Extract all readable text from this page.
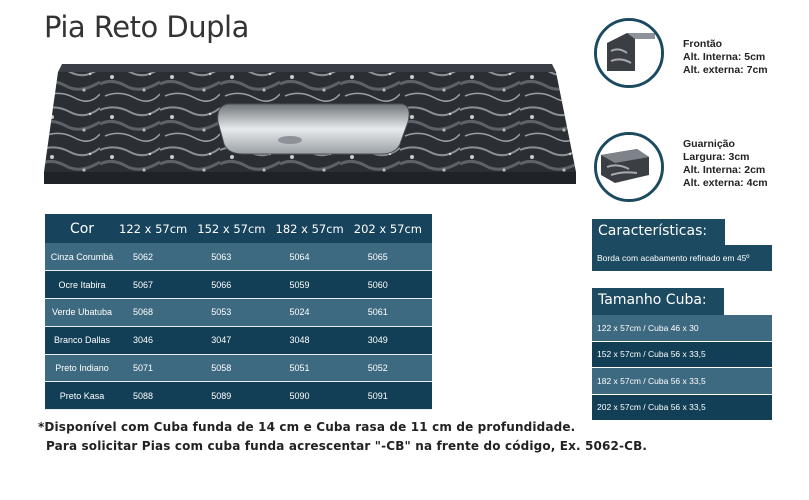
Pia Reto Dupla
Cor	122 x 57cm	152 x 57cm	182 x 57cm	202 x 57cm
Cinza Corumbá	5062	5063	5064	5065
Ocre Itabira	5067	5066	5059	5060
Verde Ubatuba	5068	5053	5024	5061
Branco Dallas	3046	3047	3048	3049
Preto Indiano	5071	5058	5051	5052
Preto Kasa	5088	5089	5090	5091
*Disponível com Cuba funda de 14 cm e Cuba rasa de 11 cm de profundidade.
Para solicitar Pias com cuba funda acrescentar "-CB" na frente do código, Ex. 5062-CB.
Frontão
Alt. Interna: 5cm
Alt. externa: 7cm
Guarnição
Largura: 3cm
Alt. Interna: 2cm
Alt. externa: 4cm
Características:
Borda com acabamento refinado em 45º
Tamanho Cuba:
122 x 57cm / Cuba 46 x 30
152 x 57cm / Cuba 56 x 33,5
182 x 57cm / Cuba 56 x 33,5
202 x 57cm / Cuba 56 x 33,5
